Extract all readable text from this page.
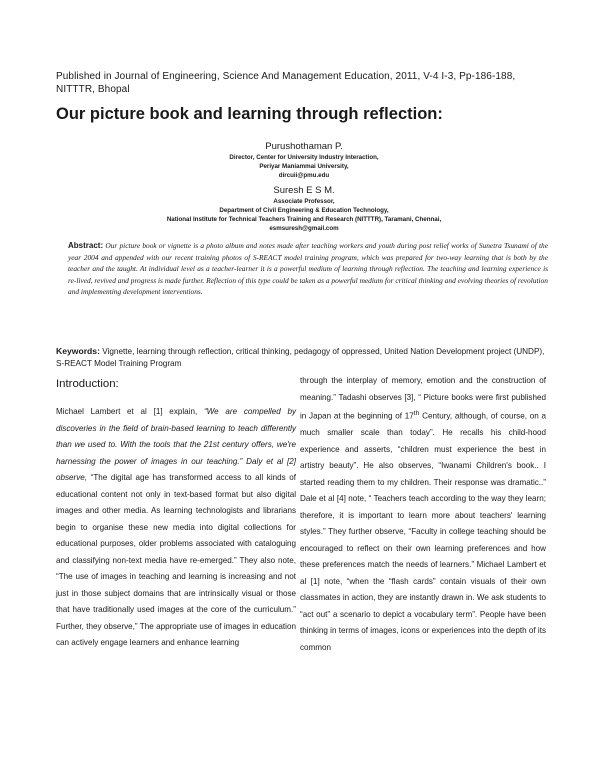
Published in Journal of Engineering, Science And Management Education, 2011, V-4 I-3, Pp-186-188, NITTTR, Bhopal
Our picture book and learning through reflection:
Purushothaman P.
Director, Center for University Industry Interaction,
Periyar Maniammai University,
dircuii@pmu.edu
Suresh E S M.
Associate Professor,
Department of Civil Engineering & Education Technology,
National Institute for Technical Teachers Training and Research (NITTTR), Taramani, Chennai,
esmsuresh@gmail.com
Abstract: Our picture book or vignette is a photo album and notes made after teaching workers and youth during post relief works of Sunetra Tsunami of the year 2004 and appended with our recent training photos of S-REACT model training program, which was prepared for two-way learning that is both by the teacher and the taught. At individual level as a teacher-learner it is a powerful medium of learning through reflection. The teaching and learning experience is re-lived, revived and progress is made further. Reflection of this type could be taken as a powerful medium for critical thinking and evolving theories of revolution and implementing development interventions.
Keywords: Vignette, learning through reflection, critical thinking, pedagogy of oppressed, United Nation Development project (UNDP), S-REACT Model Training Program
Introduction:

Michael Lambert et al [1] explain, “We are compelled by discoveries in the field of brain-based learning to teach differently than we used to. With the tools that the 21st century offers, we're harnessing the power of images in our teaching.” Daly et al [2] observe, “The digital age has transformed access to all kinds of educational content not only in text-based format but also digital images and other media. As learning technologists and librarians begin to organise these new media into digital collections for educational purposes, older problems associated with cataloguing and classifying non-text media have re-emerged.” They also note, “The use of images in teaching and learning is increasing and not just in those subject domains that are intrinsically visual or those that have traditionally used images at the core of the curriculum.” Further, they observe,” The appropriate use of images in education can actively engage learners and enhance learning

through the interplay of memory, emotion and the construction of meaning.” Tadashi observes [3], “ Picture books were first published in Japan at the beginning of 17th Century, although, of course, on a much smaller scale than today”. He recalls his child-hood experience and asserts, “children must experience the best in artistry beauty”. He also observes, “Iwanami Children's book.. I started reading them to my children. Their response was dramatic..” Dale et al [4] note, “ Teachers teach according to the way they learn; therefore, it is important to learn more about teachers' learning styles.” They further observe, “Faculty in college teaching should be encouraged to reflect on their own learning preferences and how these preferences match the needs of learners.” Michael Lambert et al [1] note, “when the “flash cards” contain visuals of their own classmates in action, they are instantly drawn in. We ask students to “act out” a scenario to depict a vocabulary term”. People have been thinking in terms of images, icons or experiences into the depth of its common
